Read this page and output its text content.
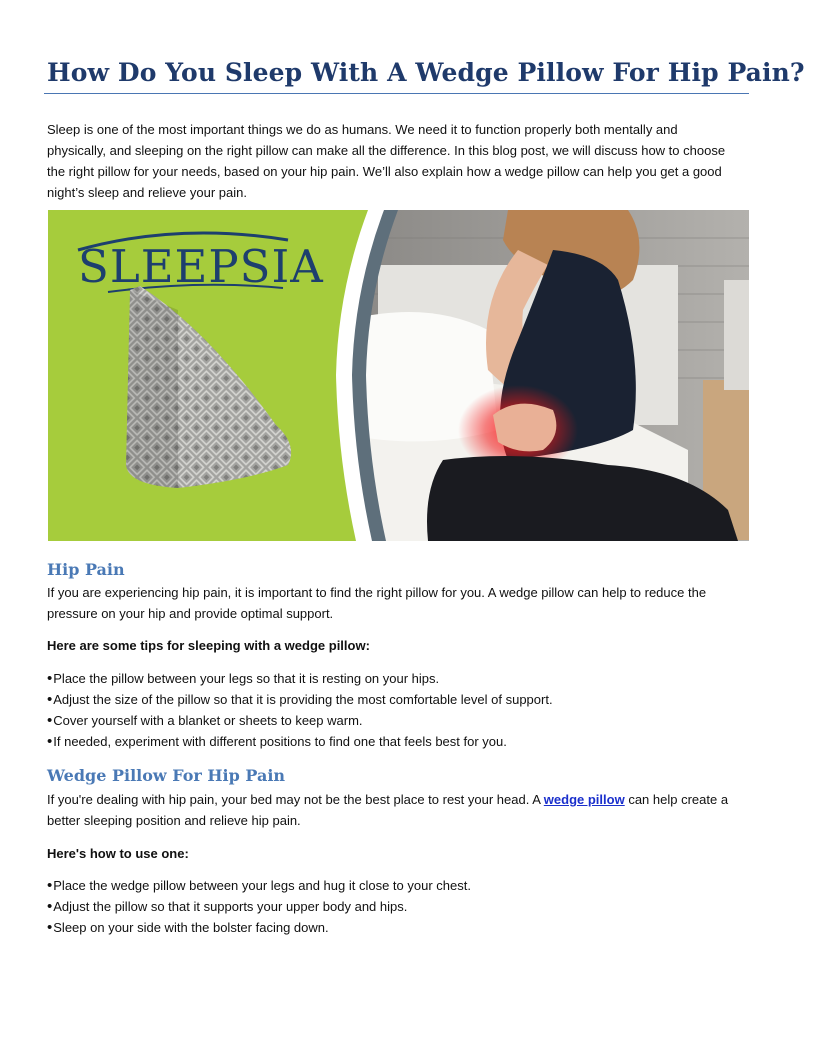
How Do You Sleep With A Wedge Pillow For Hip Pain?

Sleep is one of the most important things we do as humans. We need it to function properly both mentally and physically, and sleeping on the right pillow can make all the difference. In this blog post, we will discuss how to choose the right pillow for your needs, based on your hip pain. We’ll also explain how a wedge pillow can help you get a good night’s sleep and relieve your pain.

SLEEPSIA
Hip Pain

If you are experiencing hip pain, it is important to find the right pillow for you. A wedge pillow can help to reduce the pressure on your hip and provide optimal support.

Here are some tips for sleeping with a wedge pillow:

• Place the pillow between your legs so that it is resting on your hips.
• Adjust the size of the pillow so that it is providing the most comfortable level of support.
• Cover yourself with a blanket or sheets to keep warm.
• If needed, experiment with different positions to find one that feels best for you.
Wedge Pillow For Hip Pain

If you're dealing with hip pain, your bed may not be the best place to rest your head. A wedge pillow can help create a better sleeping position and relieve hip pain.

Here's how to use one:

• Place the wedge pillow between your legs and hug it close to your chest.
• Adjust the pillow so that it supports your upper body and hips.
• Sleep on your side with the bolster facing down.
